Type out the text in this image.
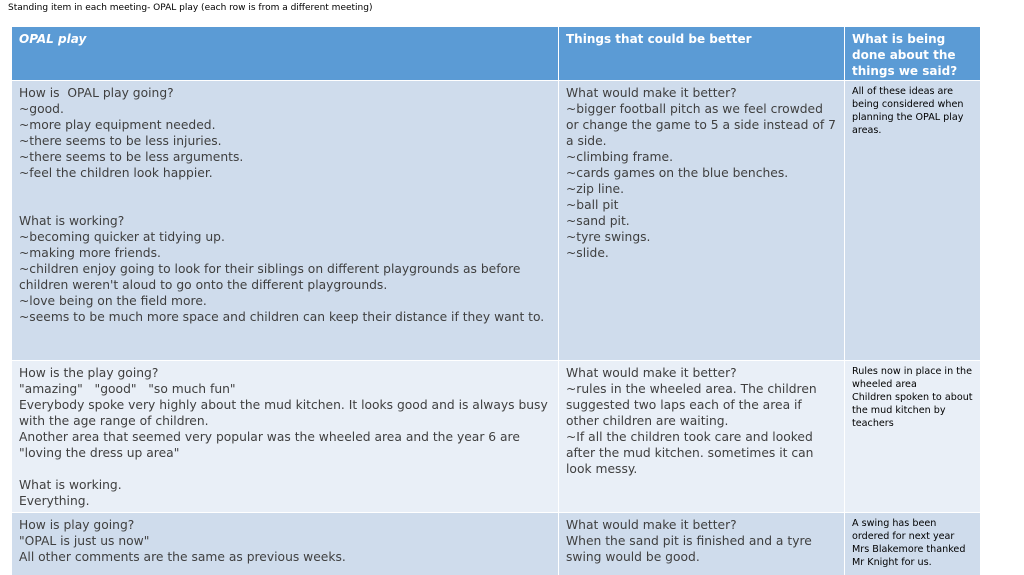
Standing item in each meeting- OPAL play (each row is from a different meeting)
OPAL play	Things that could be better	What is being done about the things we said?
How is  OPAL play going?
~good.
~more play equipment needed.
~there seems to be less injuries.
~there seems to be less arguments.
~feel the children look happier.

What is working?
~becoming quicker at tidying up.
~making more friends.
~children enjoy going to look for their siblings on different playgrounds as before children weren't aloud to go onto the different playgrounds.
~love being on the field more.
~seems to be much more space and children can keep their distance if they want to.
What would make it better?
~bigger football pitch as we feel crowded or change the game to 5 a side instead of 7 a side.
~climbing frame.
~cards games on the blue benches.
~zip line.
~ball pit
~sand pit.
~tyre swings.
~slide.
All of these ideas are being considered when planning the OPAL play areas.
How is the play going?
"amazing"   "good"   "so much fun"
Everybody spoke very highly about the mud kitchen. It looks good and is always busy with the age range of children.
Another area that seemed very popular was the wheeled area and the year 6 are "loving the dress up area"

What is working.
Everything.
What would make it better?
~rules in the wheeled area. The children suggested two laps each of the area if other children are waiting.
~If all the children took care and looked after the mud kitchen. sometimes it can look messy.
Rules now in place in the wheeled area
Children spoken to about the mud kitchen by teachers
How is play going?
"OPAL is just us now"
All other comments are the same as previous weeks.
What would make it better?
When the sand pit is finished and a tyre swing would be good.
A swing has been ordered for next year
Mrs Blakemore thanked Mr Knight for us.
